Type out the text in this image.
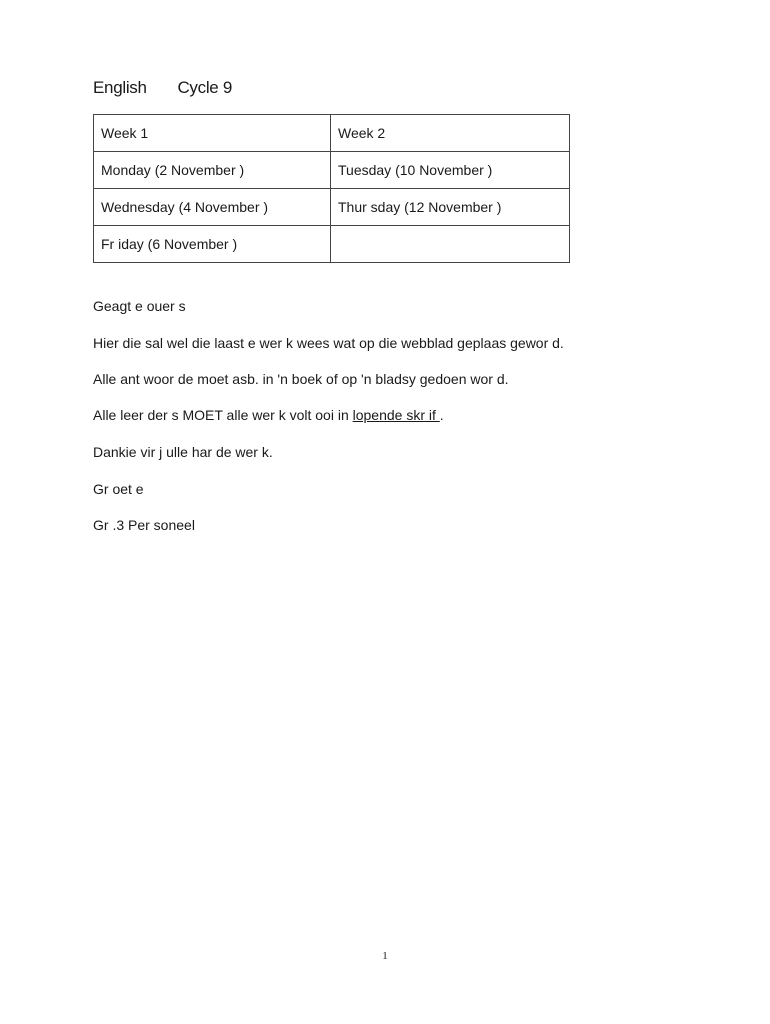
English Cycle 9
Week 1	Week 2
Monday (2 November )	Tuesday (10 November )
Wednesday (4 November )	Thur sday (12 November )
Fr iday (6 November )	
Geagt e ouer s
Hier die sal wel die laast e wer k wees wat op die webblad geplaas gewor d.
Alle ant woor de moet asb. in 'n boek of op 'n bladsy gedoen wor d.
Alle leer der s MOET alle wer k volt ooi in lopende skr if .
Dankie vir j ulle har de wer k.
Gr oet e
Gr .3 Per soneel
1
